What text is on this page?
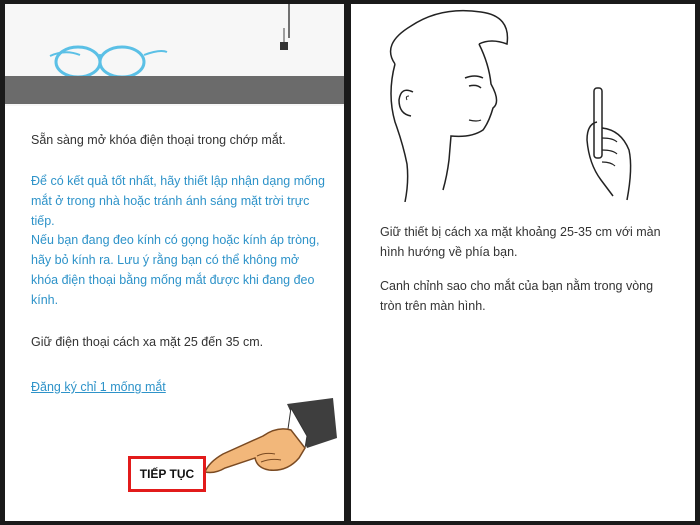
Sẵn sàng mở khóa điện thoại trong chớp mắt.
Để có kết quả tốt nhất, hãy thiết lập nhận dạng mống mắt ở trong nhà hoặc tránh ánh sáng mặt trời trực tiếp.
Nếu bạn đang đeo kính có gọng hoặc kính áp tròng, hãy bỏ kính ra. Lưu ý rằng bạn có thể không mở khóa điện thoại bằng mống mắt được khi đang đeo kính.
Giữ điện thoại cách xa mặt 25 đến 35 cm.
Đăng ký chỉ 1 mống mắt
TIẾP TỤC
Giữ thiết bị cách xa mặt khoảng 25-35 cm với màn hình hướng về phía bạn.
Canh chỉnh sao cho mắt của bạn nằm trong vòng tròn trên màn hình.
